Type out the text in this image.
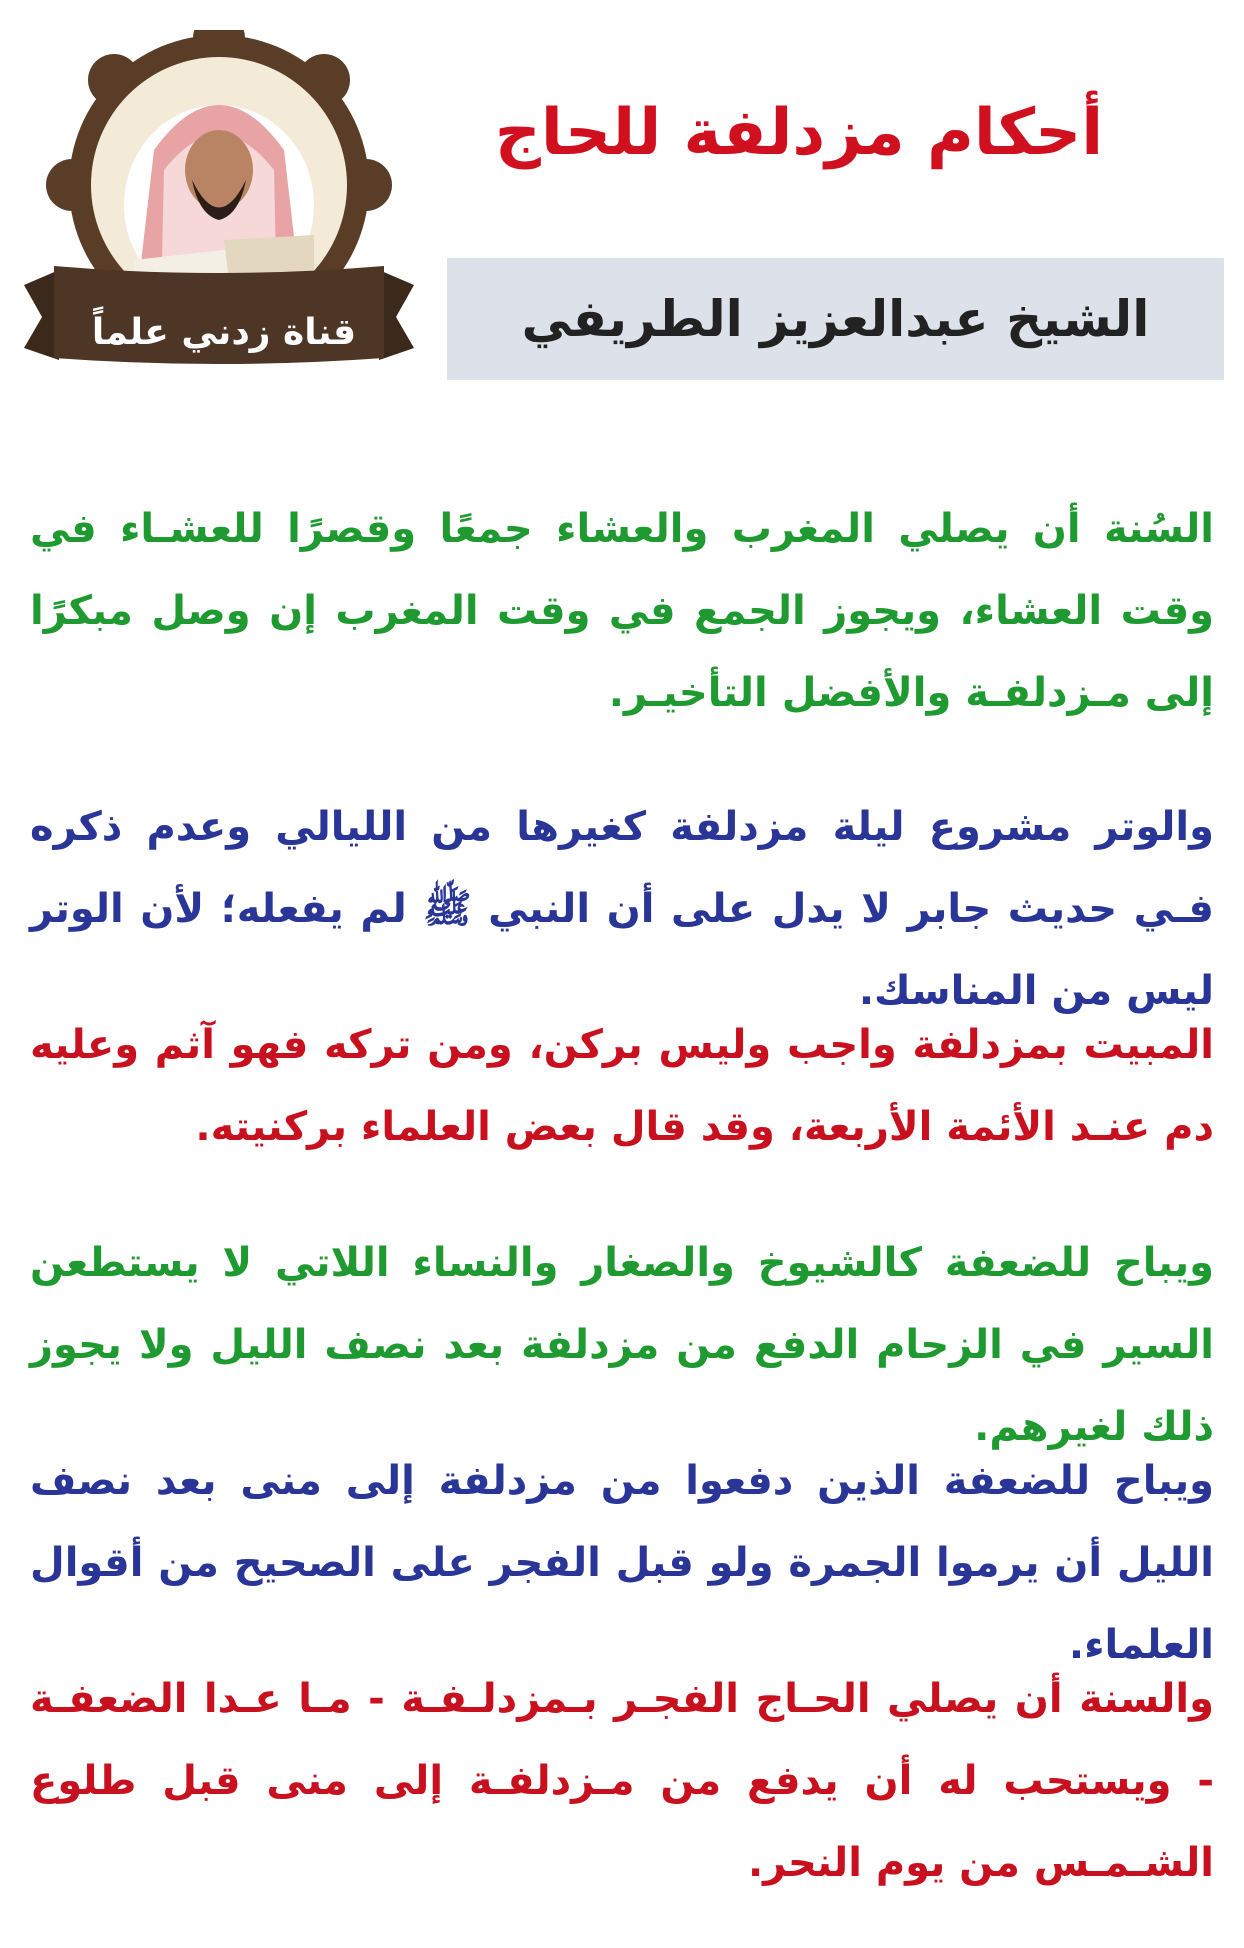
قناة زدني علماً
أحكام مزدلفة للحاج
الشيخ عبدالعزيز الطريفي
السُنة أن يصلي المغرب والعشاء جمعًا وقصرًا للعشـاء في وقت العشاء، ويجوز الجمع في وقت المغرب إن وصل مبكرًا إلى مـزدلفـة والأفضل التأخيـر.
والوتر مشروع ليلة مزدلفة كغيرها من الليالي وعدم ذكره فـي حديث جابر لا يدل على أن النبي ﷺ لم يفعله؛ لأن الوتر ليس من المناسك.
المبيت بمزدلفة واجب وليس بركن، ومن تركه فهو آثم وعليه دم عنـد الأئمة الأربعة، وقد قال بعض العلماء بركنيته.
ويباح للضعفة كالشيوخ والصغار والنساء اللاتي لا يستطعن السير في الزحام الدفع من مزدلفة بعد نصف الليل ولا يجوز ذلك لغيرهم.
ويباح للضعفة الذين دفعوا من مزدلفة إلى منى بعد نصف الليل أن يرموا الجمرة ولو قبل الفجر على الصحيح من أقوال العلماء.
والسنة أن يصلي الحـاج الفجـر بـمزدلـفـة - مـا عـدا الضعفـة - ويستحب له أن يدفع من مـزدلفـة إلى منى قبل طلوع الشـمـس من يوم النحر.
